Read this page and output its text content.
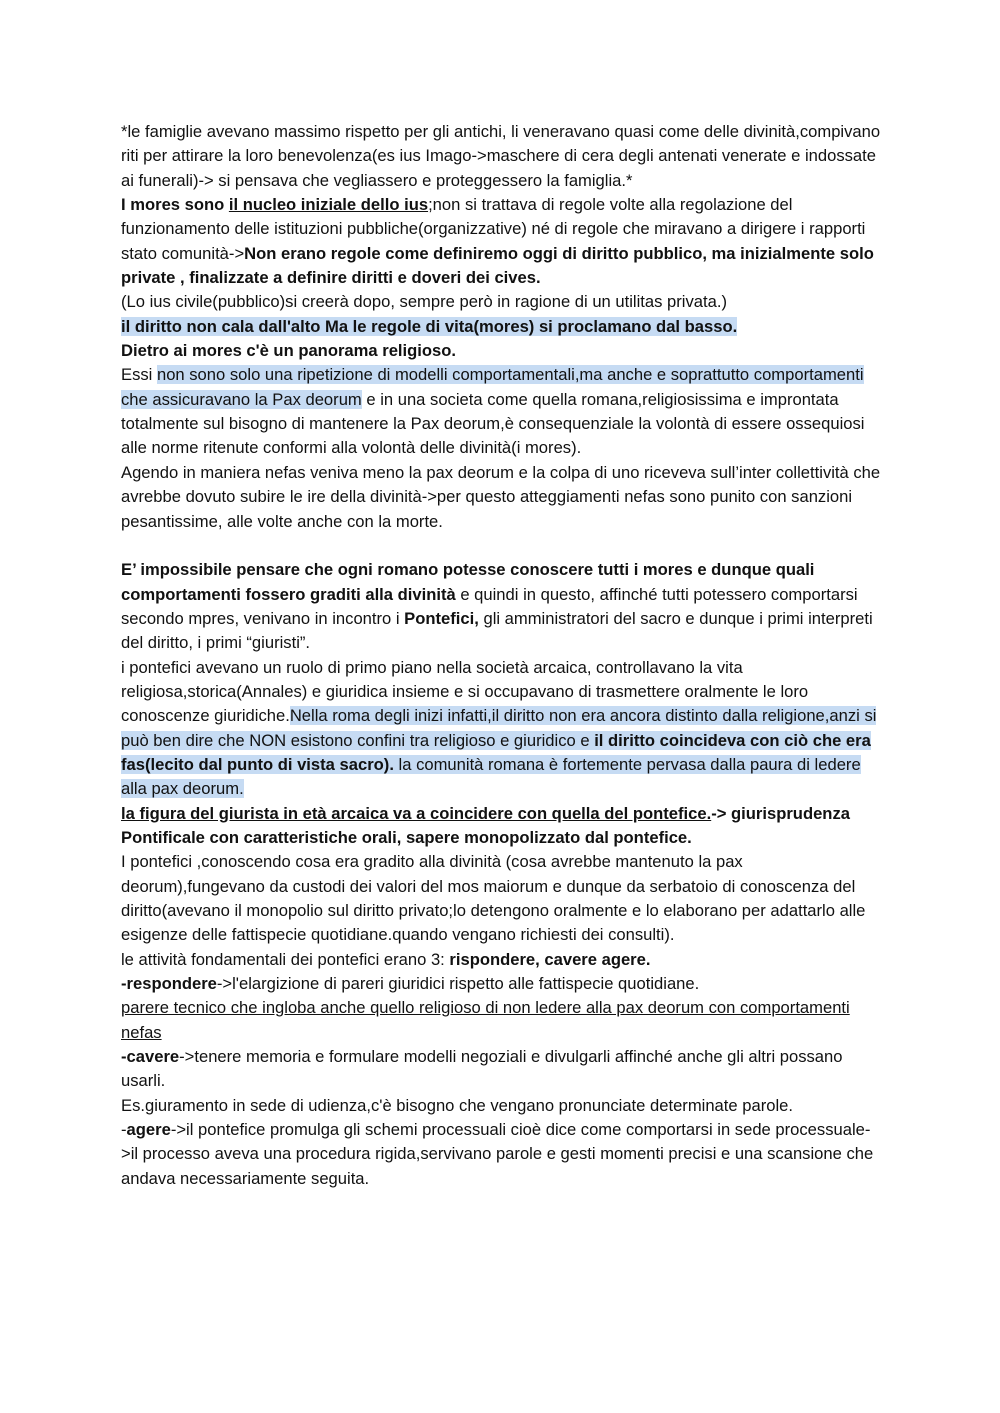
*le famiglie avevano massimo rispetto per gli antichi, li veneravano quasi come delle divinità,compivano riti per attirare la loro benevolenza(es ius Imago->maschere di cera degli antenati venerate e indossate ai funerali)-> si pensava che vegliassero e proteggessero la famiglia.*

I mores sono il nucleo iniziale dello ius;non si trattava di regole volte alla regolazione del funzionamento delle istituzioni pubbliche(organizzative) né di regole che miravano a dirigere i rapporti stato comunità->Non erano regole come definiremo oggi di diritto pubblico, ma inizialmente solo private , finalizzate a definire diritti e doveri dei cives.

(Lo ius civile(pubblico)si creerà dopo, sempre però in ragione di un utilitas privata.)

il diritto non cala dall'alto Ma le regole di vita(mores) si proclamano dal basso.

Dietro ai mores c'è un panorama religioso.

Essi non sono solo una ripetizione di modelli comportamentali,ma anche e soprattutto comportamenti che assicuravano la Pax deorum e in una societa come quella romana,religiosissima e improntata totalmente sul bisogno di mantenere la Pax deorum,è consequenziale la volontà di essere ossequiosi alle norme ritenute conformi alla volontà delle divinità(i mores).

Agendo in maniera nefas veniva meno la pax deorum e la colpa di uno riceveva sull’inter collettività che avrebbe dovuto subire le ire della divinità->per questo atteggiamenti nefas sono punito con sanzioni pesantissime, alle volte anche con la morte.

E’ impossibile pensare che ogni romano potesse conoscere tutti i mores e dunque quali comportamenti fossero graditi alla divinità e quindi in questo, affinché tutti potessero comportarsi secondo mpres, venivano in incontro i Pontefici, gli amministratori del sacro e dunque i primi interpreti del diritto, i primi “giuristi”.

i pontefici avevano un ruolo di primo piano nella società arcaica, controllavano la vita religiosa,storica(Annales) e giuridica insieme e si occupavano di trasmettere oralmente le loro conoscenze giuridiche.Nella roma degli inizi infatti,il diritto non era ancora distinto dalla religione,anzi si può ben dire che NON esistono confini tra religioso e giuridico e il diritto coincideva con ciò che era fas(lecito dal punto di vista sacro). la comunità romana è fortemente pervasa dalla paura di ledere alla pax deorum.

la figura del giurista in età arcaica va a coincidere con quella del pontefice.-> giurisprudenza Pontificale con caratteristiche orali, sapere monopolizzato dal pontefice.

I pontefici ,conoscendo cosa era gradito alla divinità (cosa avrebbe mantenuto la pax deorum),fungevano da custodi dei valori del mos maiorum e dunque da serbatoio di conoscenza del diritto(avevano il monopolio sul diritto privato;lo detengono oralmente e lo elaborano per adattarlo alle esigenze delle fattispecie quotidiane.quando vengano richiesti dei consulti).

le attività fondamentali dei pontefici erano 3: rispondere, cavere agere.

-respondere->l'elargizione di pareri giuridici rispetto alle fattispecie quotidiane.

parere tecnico che ingloba anche quello religioso di non ledere alla pax deorum con comportamenti nefas

-cavere->tenere memoria e formulare modelli negoziali e divulgarli affinché anche gli altri possano usarli.

Es.giuramento in sede di udienza,c'è bisogno che vengano pronunciate determinate parole.

-agere->il pontefice promulga gli schemi processuali cioè dice come comportarsi in sede processuale->il processo aveva una procedura rigida,servivano parole e gesti momenti precisi e una scansione che andava necessariamente seguita.
